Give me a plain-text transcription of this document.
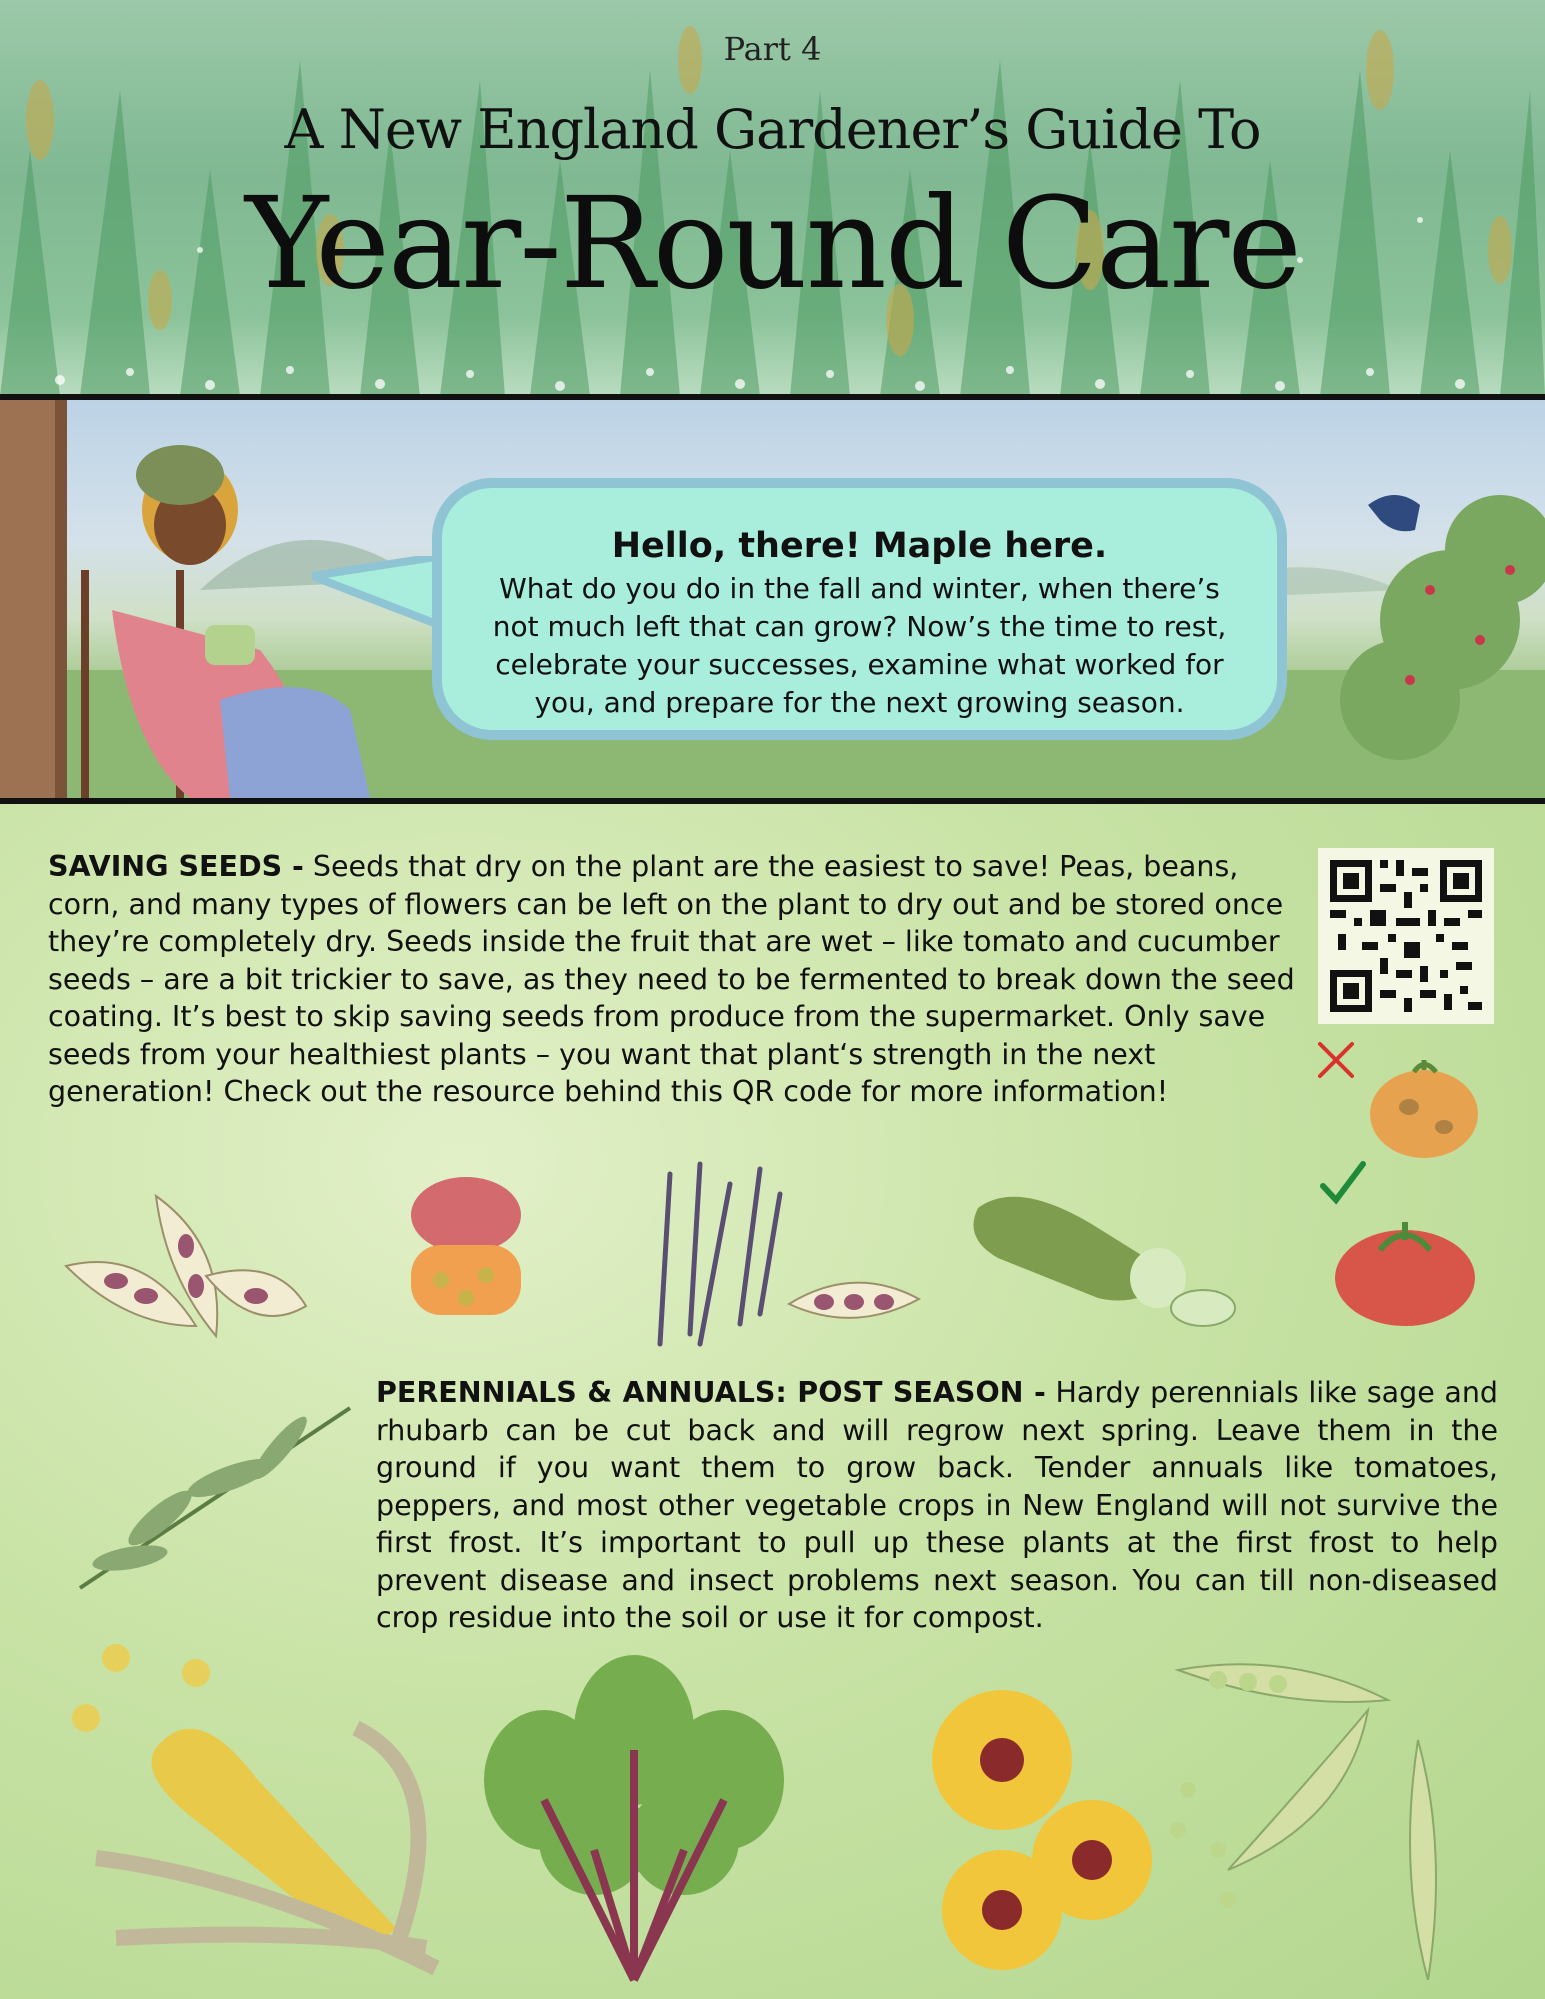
Part 4
A New England Gardener’s Guide To
Year-Round Care
Hello, there! Maple here.
What do you do in the fall and winter, when there’s not much left that can grow? Now’s the time to rest, celebrate your successes, examine what worked for you, and prepare for the next growing season.
SAVING SEEDS - Seeds that dry on the plant are the easiest to save! Peas, beans, corn, and many types of flowers can be left on the plant to dry out and be stored once they’re completely dry. Seeds inside the fruit that are wet – like tomato and cucumber seeds – are a bit trickier to save, as they need to be fermented to break down the seed coating. It’s best to skip saving seeds from produce from the supermarket. Only save seeds from your healthiest plants – you want that plant‘s strength in the next generation! Check out the resource behind this QR code for more information!
PERENNIALS & ANNUALS: POST SEASON - Hardy perennials like sage and rhubarb can be cut back and will regrow next spring. Leave them in the ground if you want them to grow back. Tender annuals like tomatoes, peppers, and most other vegetable crops in New England will not survive the first frost. It’s important to pull up these plants at the first frost to help prevent disease and insect problems next season. You can till non-diseased crop residue into the soil or use it for compost.
